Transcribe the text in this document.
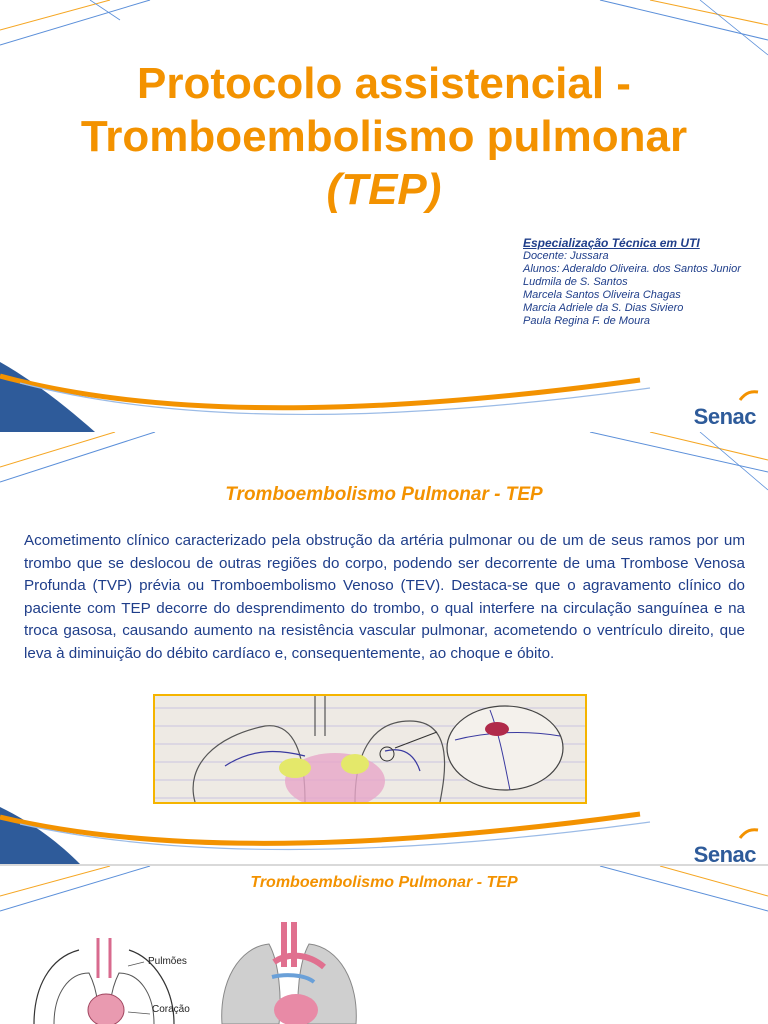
Protocolo assistencial -
Tromboembolismo pulmonar
(TEP)
Especialização Técnica em UTI
Docente: Jussara
Alunos: Aderaldo Oliveira. dos Santos Junior
Ludmila de S. Santos
Marcela Santos Oliveira Chagas
Marcia Adriele da S. Dias Siviero
Paula Regina F. de Moura
Senac
Tromboembolismo Pulmonar - TEP
Acometimento clínico caracterizado pela obstrução da artéria pulmonar ou de um de seus ramos por um trombo que se deslocou de outras regiões do corpo, podendo ser decorrente de uma Trombose Venosa Profunda (TVP) prévia ou Tromboembolismo Venoso (TEV). Destaca-se que o agravamento clínico do paciente com TEP decorre do desprendimento do trombo, o qual interfere na circulação sanguínea e na troca gasosa, causando aumento na resistência vascular pulmonar, acometendo o ventrículo direito, que leva à diminuição do débito cardíaco e, consequentemente, ao choque e óbito.
Senac
Tromboembolismo Pulmonar - TEP
Pulmões
Coração
